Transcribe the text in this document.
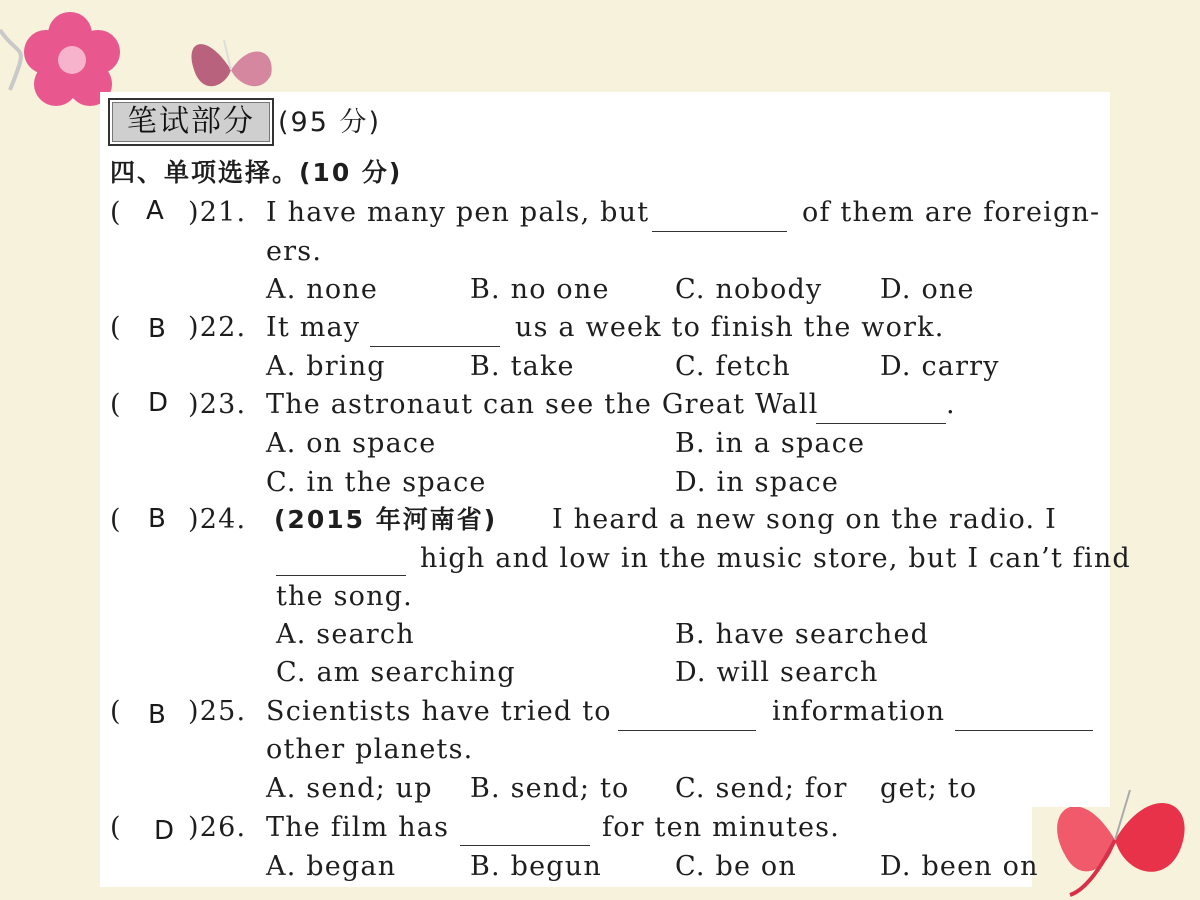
笔试部分 (95 分)
四、单项选择。(10 分)
( A )21. I have many pen pals, but	of them are foreign-
ers.
A. none	B. no one C. nobody D. one
( B )22. It may	us a week to finish the work.
A. bring	B. take	C. fetch	D. carry
( D )23. The astronaut can see the Great Wall	.
A. on space	B. in a space
C. in the space	D. in space
( B )24. (2015 年河南省) I heard a new song on the radio. I
high and low in the music store, but I can’t find
the song.
A. search	B. have searched
C. am searching	D. will search
( B )25. Scientists have tried to	information
other planets.
A. send; up B. send; to C. send; for get; to
( D )26. The film has	for ten minutes.
A. began	B. begun	C. be on	D. been on
